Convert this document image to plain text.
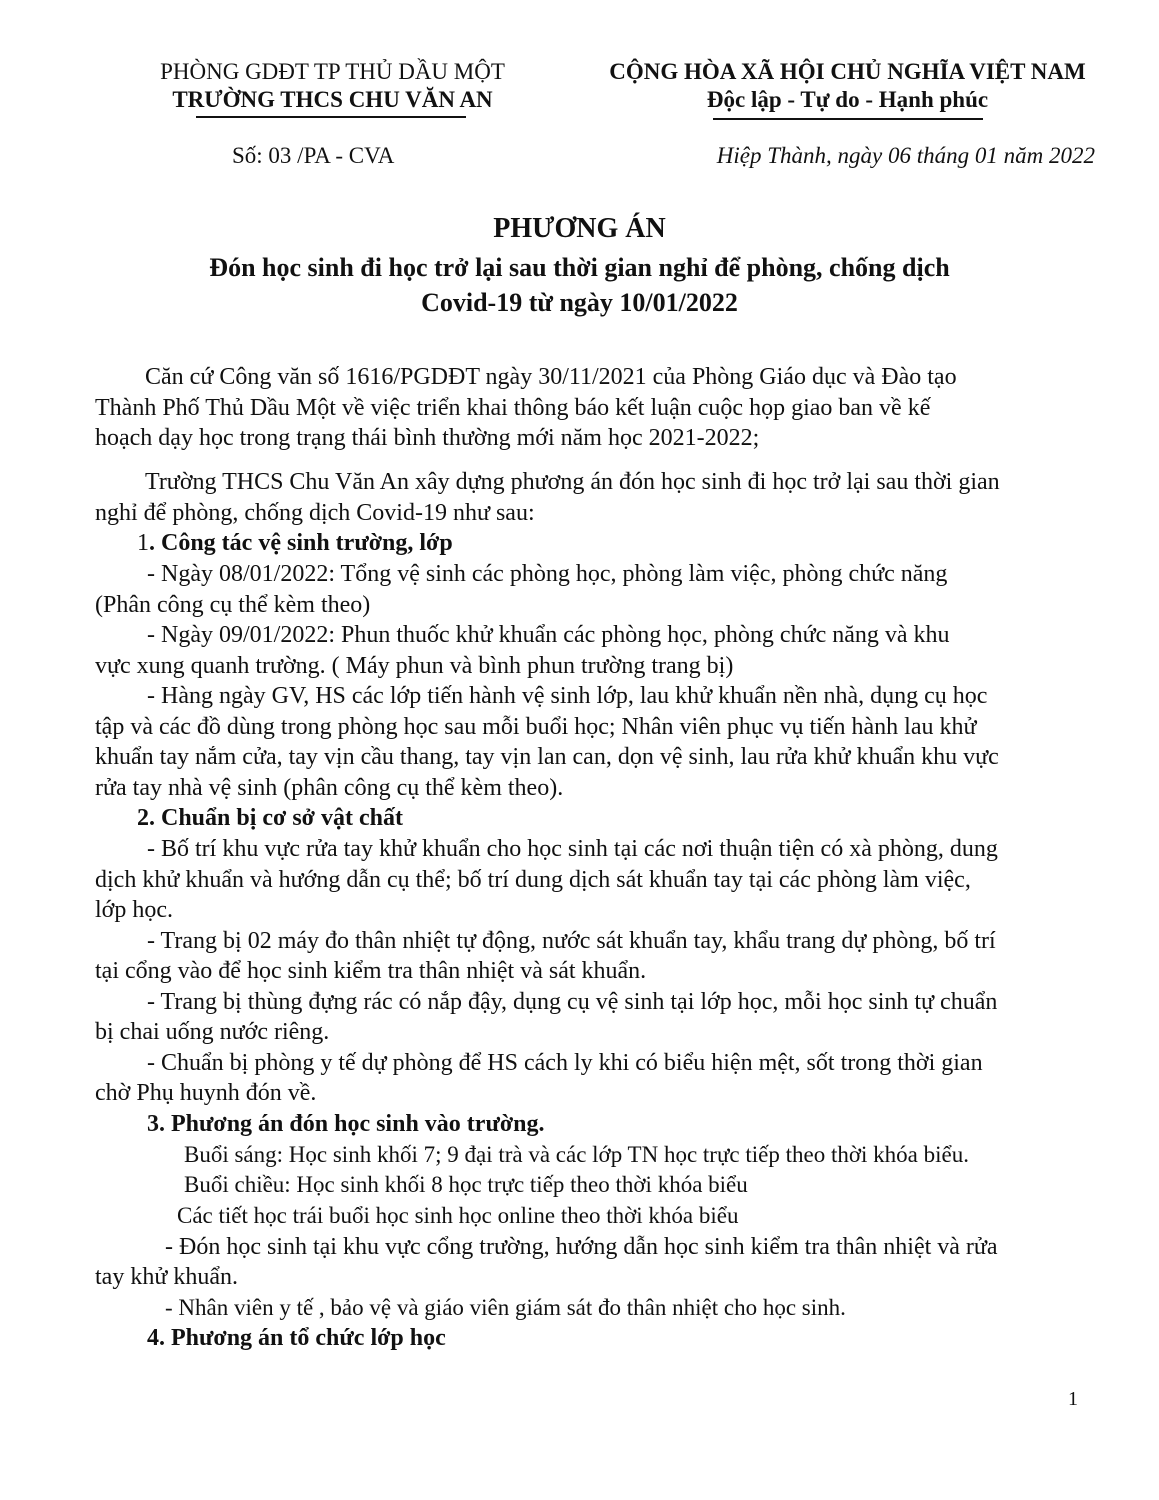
PHÒNG GDĐT TP THỦ DẦU MỘT
TRƯỜNG THCS CHU VĂN AN
CỘNG HÒA XÃ HỘI CHỦ NGHĨA VIỆT NAM
Độc lập - Tự do - Hạnh phúc
Số: 03 /PA - CVA	Hiệp Thành, ngày 06 tháng 01 năm 2022
PHƯƠNG ÁN
Đón học sinh đi học trở lại sau thời gian nghỉ để phòng, chống dịch
Covid-19 từ ngày 10/01/2022
Căn cứ Công văn số 1616/PGDĐT ngày 30/11/2021 của Phòng Giáo dục và Đào tạo
Thành Phố Thủ Dầu Một về việc triển khai thông báo kết luận cuộc họp giao ban về kế
hoạch dạy học trong trạng thái bình thường mới năm học 2021-2022;
Trường THCS Chu Văn An xây dựng phương án đón học sinh đi học trở lại sau thời gian
nghỉ để phòng, chống dịch Covid-19 như sau:
1. Công tác vệ sinh trường, lớp
- Ngày 08/01/2022: Tổng vệ sinh các phòng học, phòng làm việc, phòng chức năng
(Phân công cụ thể kèm theo)
- Ngày 09/01/2022: Phun thuốc khử khuẩn các phòng học, phòng chức năng và khu
vực xung quanh trường. ( Máy phun và bình phun trường trang bị)
- Hàng ngày GV, HS các lớp tiến hành vệ sinh lớp, lau khử khuẩn nền nhà, dụng cụ học
tập và các đồ dùng trong phòng học sau mỗi buổi học; Nhân viên phục vụ tiến hành lau khử
khuẩn tay nắm cửa, tay vịn cầu thang, tay vịn lan can, dọn vệ sinh, lau rửa khử khuẩn khu vực
rửa tay nhà vệ sinh (phân công cụ thể kèm theo).
2. Chuẩn bị cơ sở vật chất
- Bố trí khu vực rửa tay khử khuẩn cho học sinh tại các nơi thuận tiện có xà phòng, dung
dịch khử khuẩn và hướng dẫn cụ thể; bố trí dung dịch sát khuẩn tay tại các phòng làm việc,
lớp học.
- Trang bị 02 máy đo thân nhiệt tự động, nước sát khuẩn tay, khẩu trang dự phòng, bố trí
tại cổng vào để học sinh kiểm tra thân nhiệt và sát khuẩn.
- Trang bị thùng đựng rác có nắp đậy, dụng cụ vệ sinh tại lớp học, mỗi học sinh tự chuẩn
bị chai uống nước riêng.
- Chuẩn bị phòng y tế dự phòng để HS cách ly khi có biểu hiện mệt, sốt trong thời gian
chờ Phụ huynh đón về.
3. Phương án đón học sinh vào trường.
Buổi sáng: Học sinh khối 7; 9 đại trà và các lớp TN học trực tiếp theo thời khóa biểu.
Buổi chiều: Học sinh khối 8 học trực tiếp theo thời khóa biểu
Các tiết học trái buổi học sinh học online theo thời khóa biểu
- Đón học sinh tại khu vực cổng trường, hướng dẫn học sinh kiểm tra thân nhiệt và rửa
tay khử khuẩn.
- Nhân viên y tế , bảo vệ và giáo viên giám sát đo thân nhiệt cho học sinh.
4. Phương án tổ chức lớp học
1
